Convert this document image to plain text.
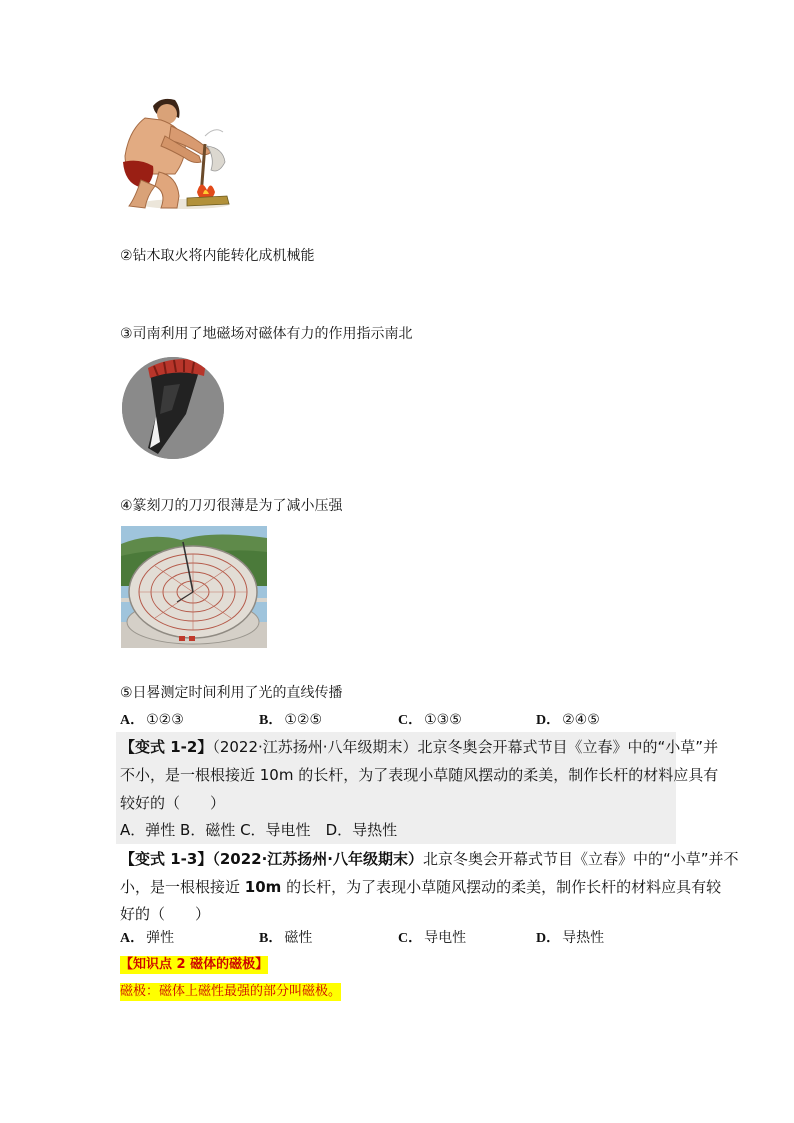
②钻木取火将内能转化成机械能
③司南利用了地磁场对磁体有力的作用指示南北
④篆刻刀的刀刃很薄是为了减小压强
⑤日晷测定时间利用了光的直线传播
A． ①②③	B． ①②⑤	C． ①③⑤	D． ②④⑤
【变式 1-2】（2022·江苏扬州·八年级期末）北京冬奥会开幕式节目《立春》中的“小草”并
不小，是一根根接近 10m 的长杆，为了表现小草随风摆动的柔美，制作长杆的材料应具有
较好的（　　）
A．弹性 B．磁性 C．导电性　D．导热性
【变式 1-3】（2022·江苏扬州·八年级期末）北京冬奥会开幕式节目《立春》中的“小草”并不
小，是一根根接近 10m 的长杆，为了表现小草随风摆动的柔美，制作长杆的材料应具有较
好的（　　）
A． 弹性	B． 磁性	C． 导电性	D． 导热性
【知识点 2 磁体的磁极】
磁极：磁体上磁性最强的部分叫磁极。
